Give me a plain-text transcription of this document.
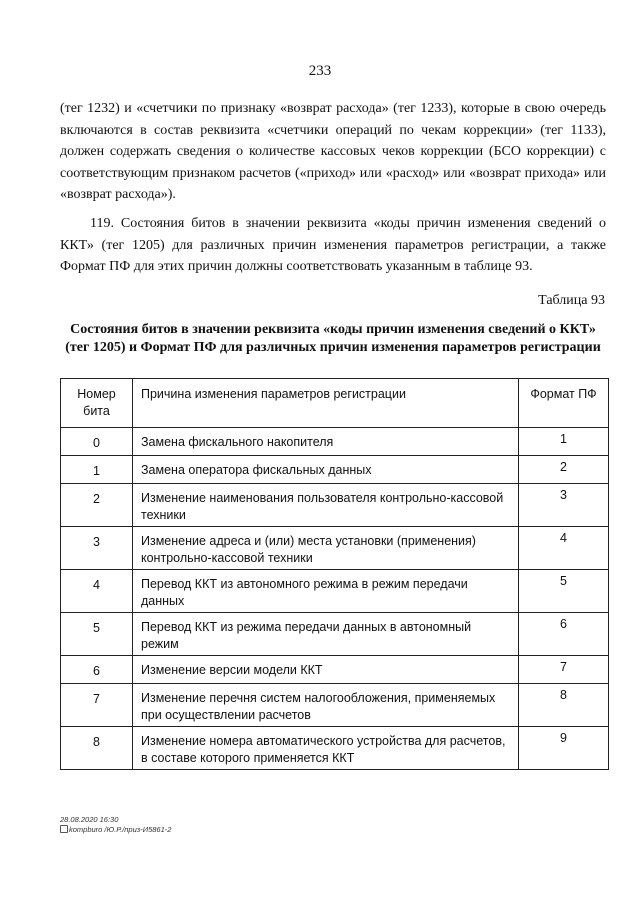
233

(тег 1232) и «счетчики по признаку «возврат расхода» (тег 1233), которые в свою очередь включаются в состав реквизита «счетчики операций по чекам коррекции» (тег 1133), должен содержать сведения о количестве кассовых чеков коррекции (БСО коррекции) с соответствующим признаком расчетов («приход» или «расход» или «возврат прихода» или «возврат расхода»).

119. Состояния битов в значении реквизита «коды причин изменения сведений о ККТ» (тег 1205) для различных причин изменения параметров регистрации, а также Формат ПФ для этих причин должны соответствовать указанным в таблице 93.

Таблица 93

Состояния битов в значении реквизита «коды причин изменения сведений о ККТ» (тег 1205) и Формат ПФ для различных причин изменения параметров регистрации

Номер бита	Причина изменения параметров регистрации	Формат ПФ
0	Замена фискального накопителя	1
1	Замена оператора фискальных данных	2
2	Изменение наименования пользователя контрольно-кассовой техники	3
3	Изменение адреса и (или) места установки (применения) контрольно-кассовой техники	4
4	Перевод ККТ из автономного режима в режим передачи данных	5
5	Перевод ККТ из режима передачи данных в автономный режим	6
6	Изменение версии модели ККТ	7
7	Изменение перечня систем налогообложения, применяемых при осуществлении расчетов	8
8	Изменение номера автоматического устройства для расчетов, в составе которого применяется ККТ	9
28.08.2020 16:30
kompburo /Ю.Р./приз-И5861-2
